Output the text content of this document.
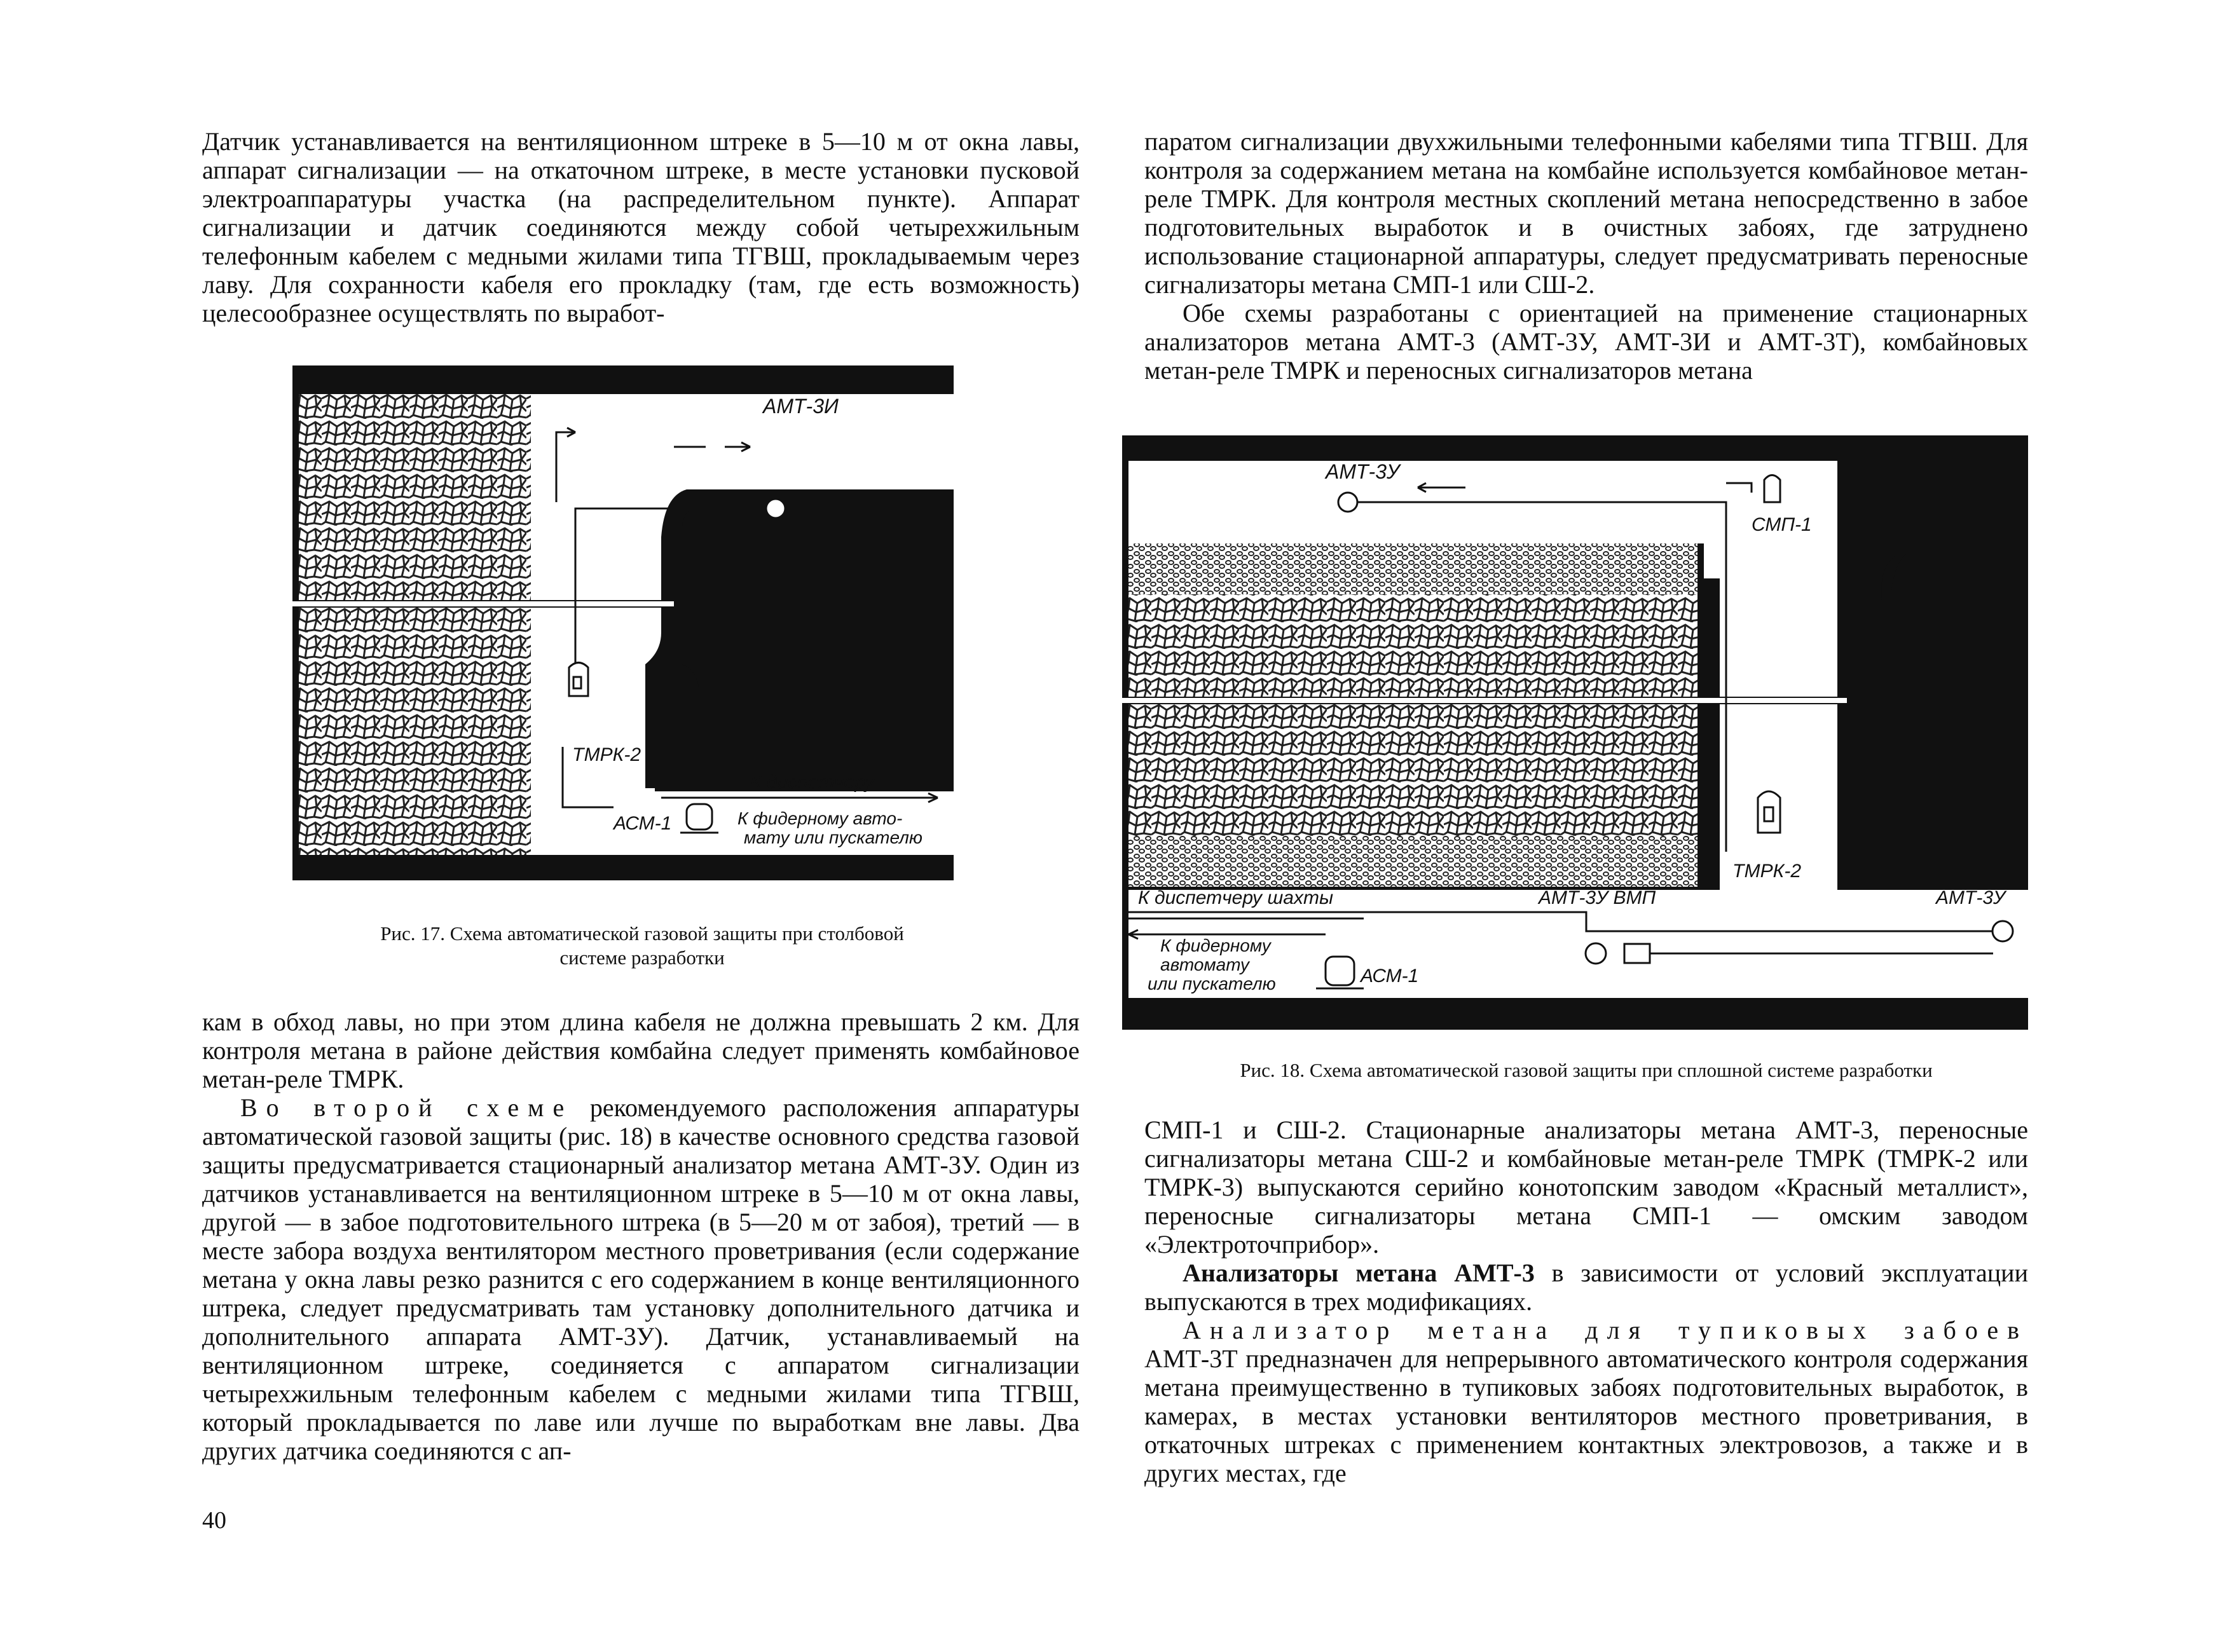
Датчик устанавливается на вентиляционном штреке в 5—10 м от окна лавы, аппарат сигнализации — на откаточном штреке, в месте установки пусковой электроаппаратуры участка (на распределительном пункте). Аппарат сигнализации и датчик соединяются между собой четырехжильным телефонным кабелем с медными жилами типа ТГВШ, прокладываемым через лаву. Для сохранности кабеля его прокладку (там, где есть возможность) целесообразнее осуществлять по выработ-

ТМРК-2
К диспетчеру
АСМ-1	К фидерному авто-
мату или пускателю
АМТ-3И
Рис. 17. Схема автоматической газовой защиты при столбовой
системе разработки

кам в обход лавы, но при этом длина кабеля не должна превышать 2 км. Для контроля метана в районе действия комбайна следует применять комбайновое метан-реле ТМРК.

Во второй схеме рекомендуемого расположения аппаратуры автоматической газовой защиты (рис. 18) в качестве основного средства газовой защиты предусматривается стационарный анализатор метана АМТ-3У. Один из датчиков устанавливается на вентиляционном штреке в 5—10 м от окна лавы, другой — в забое подготовительного штрека (в 5—20 м от забоя), третий — в месте забора воздуха вентилятором местного проветривания (если содержание метана у окна лавы резко разнится с его содержанием в конце вентиляционного штрека, следует предусматривать там установку дополнительного датчика и дополнительного аппарата АМТ-3У). Датчик, устанавливаемый на вентиляционном штреке, соединяется с аппаратом сигнализации четырехжильным телефонным кабелем с медными жилами типа ТГВШ, который прокладывается по лаве или лучше по выработкам вне лавы. Два других датчика соединяются с ап-

40

паратом сигнализации двухжильными телефонными кабелями типа ТГВШ. Для контроля за содержанием метана на комбайне используется комбайновое метан-реле ТМРК. Для контроля местных скоплений метана непосредственно в забое подготовительных выработок и в очистных забоях, где затруднено использование стационарной аппаратуры, следует предусматривать переносные сигнализаторы метана СМП-1 или СШ-2.

Обе схемы разработаны с ориентацией на применение стационарных анализаторов метана АМТ-3 (АМТ-3У, АМТ-3И и АМТ-3Т), комбайновых метан-реле ТМРК и переносных сигнализаторов метана

АМТ-3У
СМП-1
ТМРК-2
К диспетчеру шахты	АМТ-3У ВМП	АМТ-3У
К фидерному
автомату
или пускателю	АСМ-1
Рис. 18. Схема автоматической газовой защиты при сплошной системе разработки

СМП-1 и СШ-2. Стационарные анализаторы метана АМТ-3, переносные сигнализаторы метана СШ-2 и комбайновые метан-реле ТМРК (ТМРК-2 или ТМРК-3) выпускаются серийно конотопским заводом «Красный металлист», переносные сигнализаторы метана СМП-1 — омским заводом «Электроточприбор».

Анализаторы метана АМТ-3 в зависимости от условий эксплуатации выпускаются в трех модификациях.

Анализатор метана для тупиковых забоев АМТ-3Т предназначен для непрерывного автоматического контроля содержания метана преимущественно в тупиковых забоях подготовительных выработок, в камерах, в местах установки вентиляторов местного проветривания, в откаточных штреках с применением контактных электровозов, а также и в других местах, где
